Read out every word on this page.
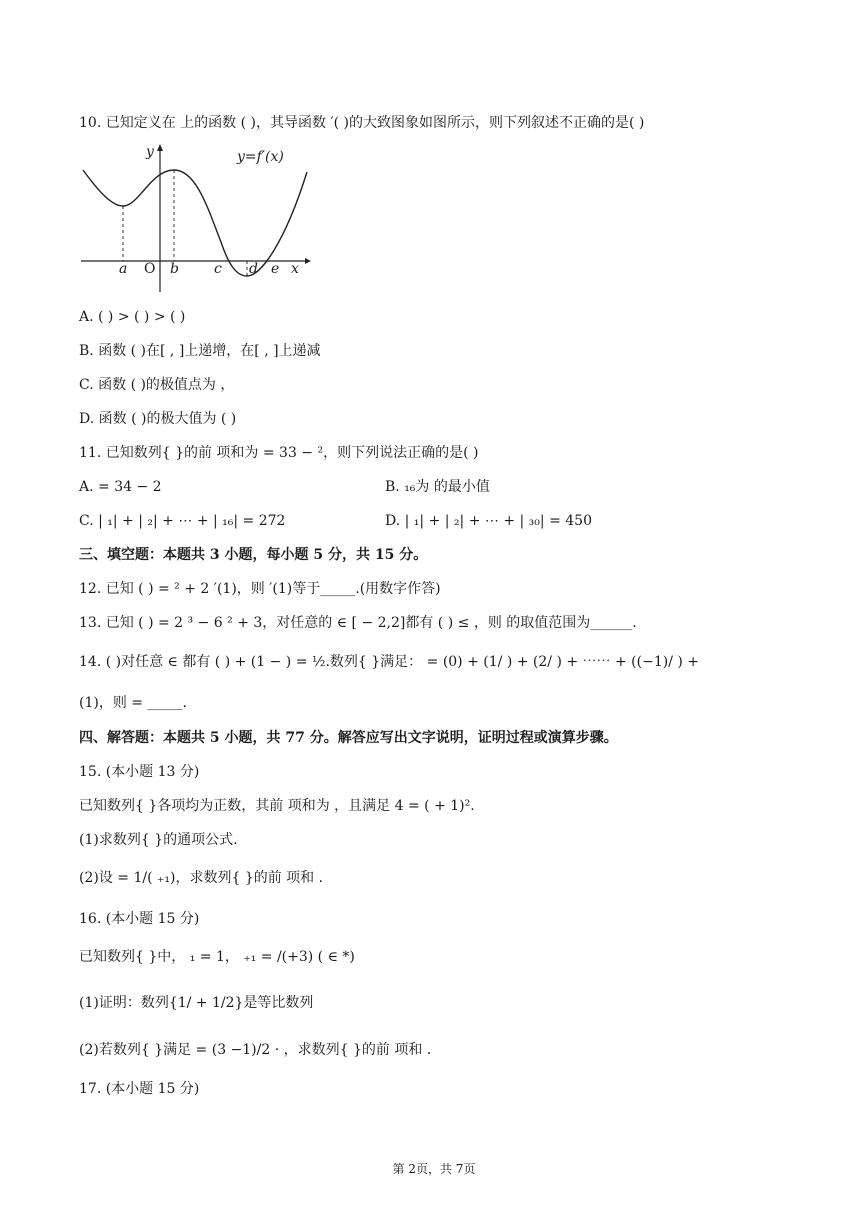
10. 已知定义在 上的函数 ( )，其导函数 ′( )的大致图象如图所示，则下列叙述不正确的是( )
y
x
y=f′(x)
O
a	b	c d e
A. ( ) > ( ) > ( )
B. 函数 ( )在[ , ]上递增，在[ , ]上递减
C. 函数 ( )的极值点为 ，
D. 函数 ( )的极大值为 ( )
11. 已知数列{ }的前 项和为 = 33 − ²，则下列说法正确的是( )
A. = 34 − 2	B. ₁₆为 的最小值
C. | ₁| + | ₂| + ⋯ + | ₁₆| = 272	D. | ₁| + | ₂| + ⋯ + | ₃₀| = 450
三、填空题：本题共 3 小题，每小题 5 分，共 15 分。
12. 已知 ( ) = ² + 2 ′(1)，则 ′(1)等于_____.(用数字作答)
13. 已知 ( ) = 2 ³ − 6 ² + 3，对任意的 ∈ [ − 2,2]都有 ( ) ≤ ，则 的取值范围为______.
14. ( )对任意 ∈ 都有 ( ) + (1 − ) = ½.数列{ }满足： = (0) + (1/ ) + (2/ ) + ⋯⋯ + ((−1)/ ) +
(1)，则 = _____.
四、解答题：本题共 5 小题，共 77 分。解答应写出文字说明，证明过程或演算步骤。
15. (本小题 13 分)
已知数列{ }各项均为正数，其前 项和为 ，且满足 4 = ( + 1)².
(1)求数列{ }的通项公式.
(2)设 = 1/( ₊₁)，求数列{ }的前 项和 .
16. (本小题 15 分)
已知数列{ }中， ₁ = 1， ₊₁ = /(+3) ( ∈ *)
(1)证明：数列{1/ + 1/2}是等比数列
(2)若数列{ }满足 = (3 −1)/2 · ，求数列{ }的前 项和 .
17. (本小题 15 分)
第 2页，共 7页
